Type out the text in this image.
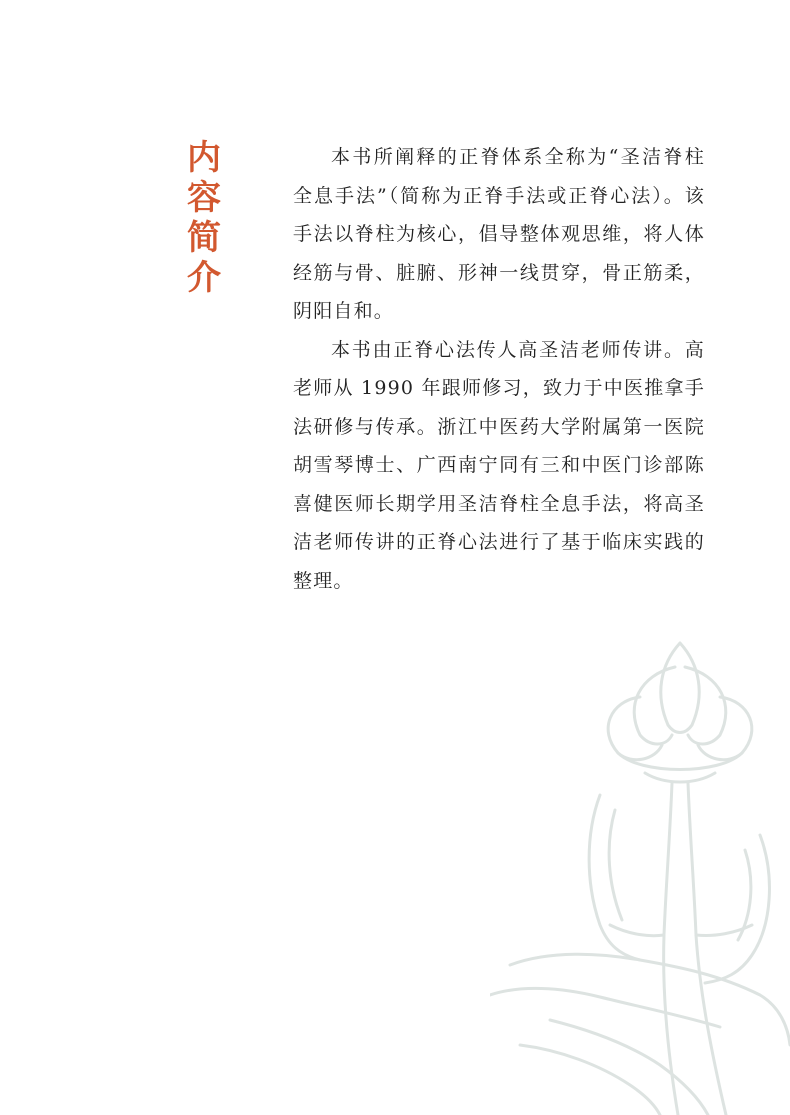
内
容
简
介

本书所阐释的正脊体系全称为“圣洁脊柱全息手法”（简称为正脊手法或正脊心法）。该手法以脊柱为核心，倡导整体观思维，将人体经筋与骨、脏腑、形神一线贯穿，骨正筋柔，阴阳自和。

本书由正脊心法传人高圣洁老师传讲。高老师从 1990 年跟师修习，致力于中医推拿手法研修与传承。浙江中医药大学附属第一医院胡雪琴博士、广西南宁同有三和中医门诊部陈喜健医师长期学用圣洁脊柱全息手法，将高圣洁老师传讲的正脊心法进行了基于临床实践的整理。
